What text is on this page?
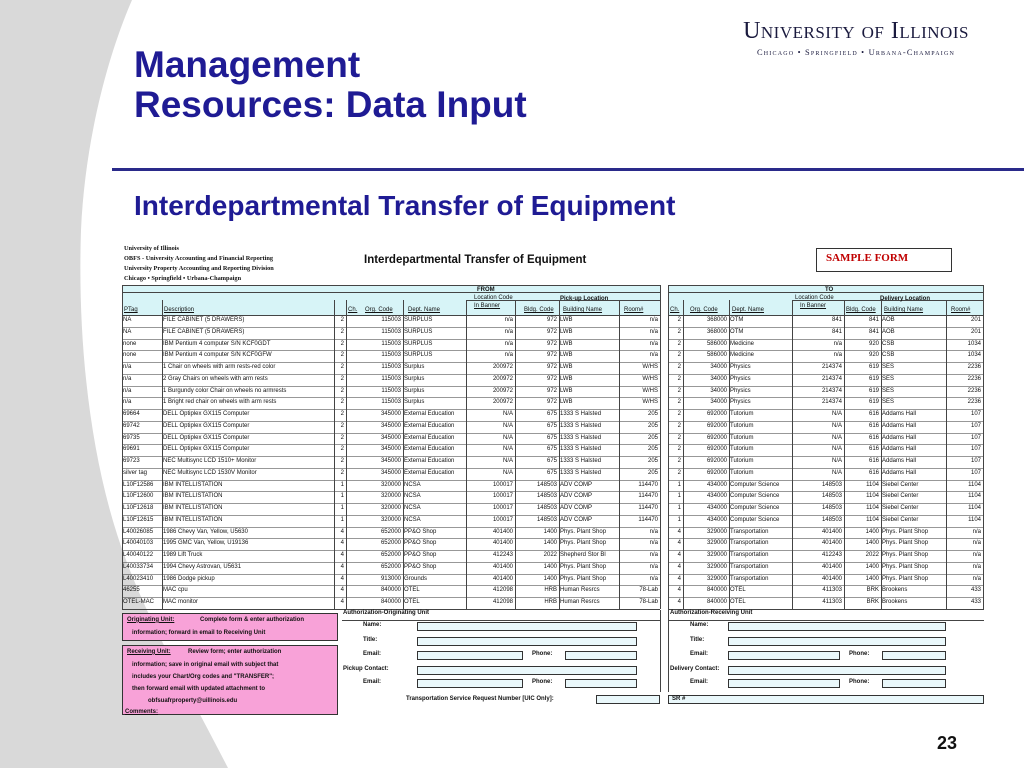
Management
Resources: Data Input
University of Illinois
Chicago • Springfield • Urbana-Champaign
Interdepartmental Transfer of Equipment
University of Illinois
OBFS - University Accounting and Financial Reporting
University Property Accounting and Reporting Division
Chicago • Springfield • Urbana-Champaign
Interdepartmental Transfer of Equipment	SAMPLE FORM
FROM	TO
Location Code
In Banner
Pick-up Location	Location Code
In Banner
Delivery Location
PTag	Description	Ch. Org. Code	Dept. Name	Bldg. Code Building Name	Room#	Ch. Org. Code Dept. Name	Bldg. Code Building Name	Room#
NA	FILE CABINET (5 DRAWERS)	2	115003 SURPLUS	n/a	972 LWB	n/a	2	368000 OTM	841	841 AOB	201
NA	FILE CABINET (5 DRAWERS)	2	115003 SURPLUS	n/a	972 LWB	n/a	2	368000 OTM	841	841 AOB	201
none	IBM Pentium 4 computer S/N KCF0GDT	2	115003 SURPLUS	n/a	972 LWB	n/a	2	586000 Medicine	n/a	920 CSB	1034
none	IBM Pentium 4 computer S/N KCF0GFW	2	115003 SURPLUS	n/a	972 LWB	n/a	2	586000 Medicine	n/a	920 CSB	1034
n/a	1 Chair on wheels with arm rests-red color	2	115003 Surplus	200972	972 LWB	W/HS	2	34000 Physics	214374	619 SES	2236
n/a	2 Gray Chairs on wheels with arm rests	2	115003 Surplus	200972	972 LWB	W/HS	2	34000 Physics	214374	619 SES	2236
n/a	1 Burgundy color Chair on wheels no armrests	2	115003 Surplus	200972	972 LWB	W/HS	2	34000 Physics	214374	619 SES	2236
n/a	1 Bright red chair on wheels with arm rests	2	115003 Surplus	200972	972 LWB	W/HS	2	34000 Physics	214374	619 SES	2236
69664	DELL Optiplex GX115 Computer	2	345000 External Education	N/A	675 1333 S Halsted	205	2	692000 Tutorium	N/A	616 Addams Hall	107
69742	DELL Optiplex GX115 Computer	2	345000 External Education	N/A	675 1333 S Halsted	205	2	692000 Tutorium	N/A	616 Addams Hall	107
69735	DELL Optiplex GX115 Computer	2	345000 External Education	N/A	675 1333 S Halsted	205	2	692000 Tutorium	N/A	616 Addams Hall	107
69691	DELL Optiplex GX115 Computer	2	345000 External Education	N/A	675 1333 S Halsted	205	2	692000 Tutorium	N/A	616 Addams Hall	107
69723	NEC Multisync LCD 1510+ Monitor	2	345000 External Education	N/A	675 1333 S Halsted	205	2	692000 Tutorium	N/A	616 Addams Hall	107
silver tag	NEC Multisync LCD 1530V Monitor	2	345000 External Education	N/A	675 1333 S Halsted	205	2	692000 Tutorium	N/A	616 Addams Hall	107
L10F12586	IBM INTELLISTATION	1	320000 NCSA	100017	148503 ADV COMP	114470	1	434000 Computer Science	148503	1104 Siebel Center	1104
L10F12600	IBM INTELLISTATION	1	320000 NCSA	100017	148503 ADV COMP	114470	1	434000 Computer Science	148503	1104 Siebel Center	1104
L10F12618	IBM INTELLISTATION	1	320000 NCSA	100017	148503 ADV COMP	114470	1	434000 Computer Science	148503	1104 Siebel Center	1104
L10F12615	IBM INTELLISTATION	1	320000 NCSA	100017	148503 ADV COMP	114470	1	434000 Computer Science	148503	1104 Siebel Center	1104
L40026085	1986 Chevy Van, Yellow, U5630	4	652000 PP&O Shop	401400	1400 Phys. Plant Shop	n/a	4	329000 Transportation	401400	1400 Phys. Plant Shop	n/a
L40040103	1995 GMC Van, Yellow, U19136	4	652000 PP&O Shop	401400	1400 Phys. Plant Shop	n/a	4	329000 Transportation	401400	1400 Phys. Plant Shop	n/a
L40040122	1989 Lift Truck	4	652000 PP&O Shop	412243	2022 Shepherd Stor Bl	n/a	4	329000 Transportation	412243	2022 Phys. Plant Shop	n/a
L40033734	1994 Chevy Astrovan, U5631	4	652000 PP&O Shop	401400	1400 Phys. Plant Shop	n/a	4	329000 Transportation	401400	1400 Phys. Plant Shop	n/a
L40023410	1986 Dodge pickup	4	913000 Grounds	401400	1400 Phys. Plant Shop	n/a	4	329000 Transportation	401400	1400 Phys. Plant Shop	n/a
46255	MAC cpu	4	840000 OTEL	412098	HRB Human Resrcs	78-Lab	4	840000 OTEL	411303	BRK Brookens	433
OTEL-MAC	MAC monitor	4	840000 OTEL	412098	HRB Human Resrcs	78-Lab	4	840000 OTEL	411303	BRK Brookens	433
Originating Unit:	Complete form & enter authorization
information; forward in email to Receiving Unit
Receiving Unit:	Review form; enter authorization
information; save in original email with subject that
includes your Chart/Org codes and "TRANSFER";
then forward email with updated attachment to
obfsuafrproperty@uillinois.edu
Authorization-Originating Unit	Authorization-Receiving Unit
Name:
Title:
Email:	Phone:
Pickup Contact:
Email:	Phone:
Name:
Title:
Email:	Phone:
Delivery Contact:
Email:	Phone:
Transportation Service Request Number [UIC Only]:	SR #
Comments:
23
